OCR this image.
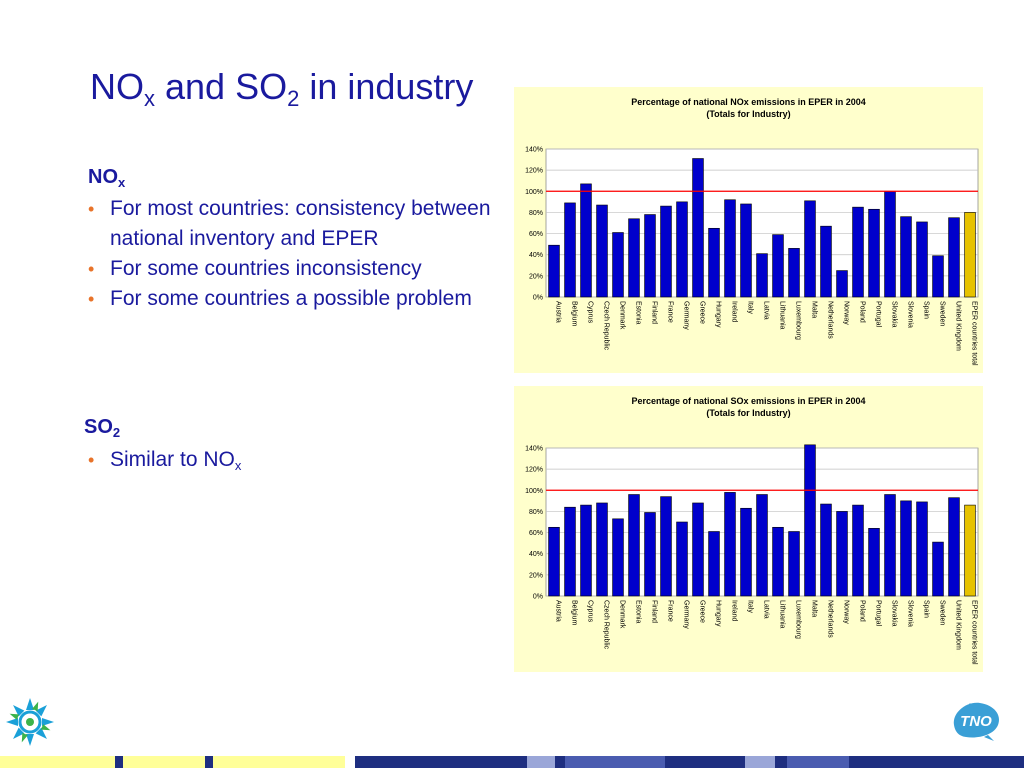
$NO_x$ and $SO_2$ in industry
$NO_x$
• For most countries: consistency between national inventory and EPER
• For some countries inconsistency
• For some countries a possible problem
$SO_2$
• Similar to $NO_x$
Percentage of national NOx emissions in EPER in 2004
(Totals for Industry)
0%
20%
40%
60%
80%
100%
120%
140%
Austria Belgium Cyprus Czech Republic Denmark Estonia Finland France Germany Greece Hungary Ireland Italy Latvia Lithuania Luxembourg Malta Netherlands Norway Poland Portugal Slovakia Slovenia Spain Sweden United Kingdom EPER countries total
Percentage of national SOx emissions in EPER in 2004
(Totals for Industry)
0%
20%
40%
60%
80%
100%
120%
140%
Austria Belgium Cyprus Czech Republic Denmark Estonia Finland France Germany Greece Hungary Ireland Italy Latvia Lithuania Luxembourg Malta Netherlands Norway Poland Portugal Slovakia Slovenia Spain Sweden United Kingdom EPER countries total
TNO
